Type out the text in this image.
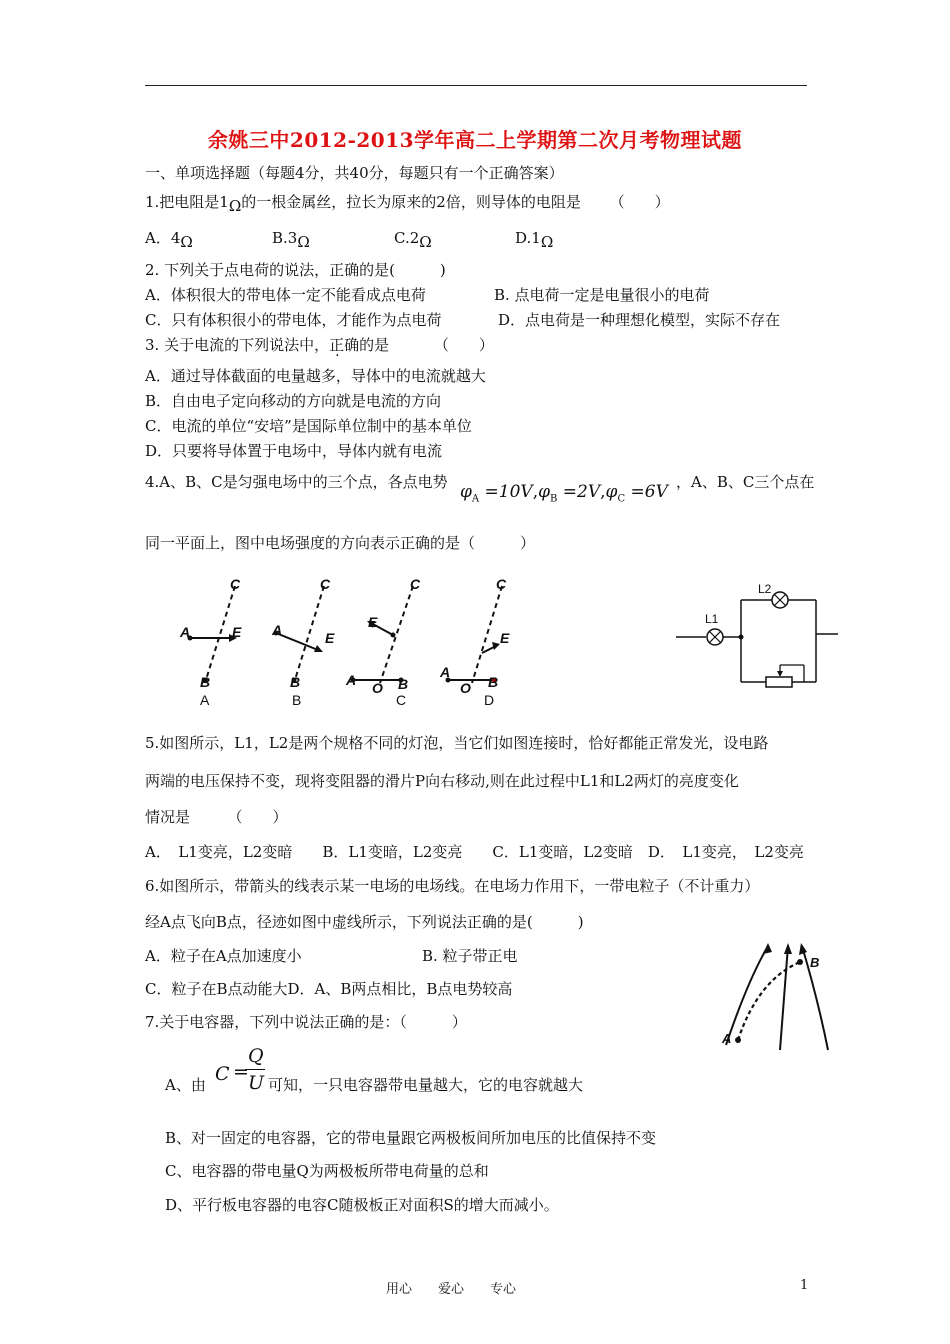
余姚三中2012-2013学年高二上学期第二次月考物理试题
一、单项选择题（每题4分，共40分，每题只有一个正确答案）
1.把电阻是1Ω的一根金属丝，拉长为原来的2倍，则导体的电阻是 （　　）
A．4Ω	B.3Ω	C.2Ω	D.1Ω
2. 下列关于点电荷的说法，正确的是(　　　)
A．体积很大的带电体一定不能看成点电荷	B. 点电荷一定是电量很小的电荷
C．只有体积很小的带电体，才能作为点电荷	D．点电荷是一种理想化模型，实际不存在
3. 关于电流的下列说法中，正确的是	（　　）
A．通过导体截面的电量越多，导体中的电流就越大
B．自由电子定向移动的方向就是电流的方向
C．电流的单位“安培”是国际单位制中的基本单位
D．只要将导体置于电场中，导体内就有电流
4.A、B、C是匀强电场中的三个点，各点电势 $\varphi_A =10V,\varphi_B =2V,\varphi_C =6V$ ，A、B、C三个点在
同一平面上，图中电场强度的方向表示正确的是（　　　）
C
A	E
B
A
C
A	E
B
B
C
E
A O B
C
C
E
A
O B
D
L1
L2
5.如图所示，L1，L2是两个规格不同的灯泡，当它们如图连接时，恰好都能正常发光，设电路
两端的电压保持不变，现将变阻器的滑片P向右移动,则在此过程中L1和L2两灯的亮度变化
情况是　　　（　　）
A．　L1变亮，L2变暗　　B．L1变暗，L2变亮　　C．L1变暗，L2变暗　D．　L1变亮，　L2变亮
6.如图所示，带箭头的线表示某一电场的电场线。在电场力作用下，一带电粒子（不计重力）
经A点飞向B点，径迹如图中虚线所示，下列说法正确的是(　　　)
A．粒子在A点加速度小	B. 粒子带正电
C．粒子在B点动能大D．A、B两点相比，B点电势较高
A
B
7.关于电容器，下列中说法正确的是：（　　　）
A、由 C =
Q
U 可知，一只电容器带电量越大，它的电容就越大
B、对一固定的电容器，它的带电量跟它两极板间所加电压的比值保持不变
C、电容器的带电量Q为两极板所带电荷量的总和
D、平行板电容器的电容C随极板正对面积S的增大而减小。
用心　　爱心　　专心	1
